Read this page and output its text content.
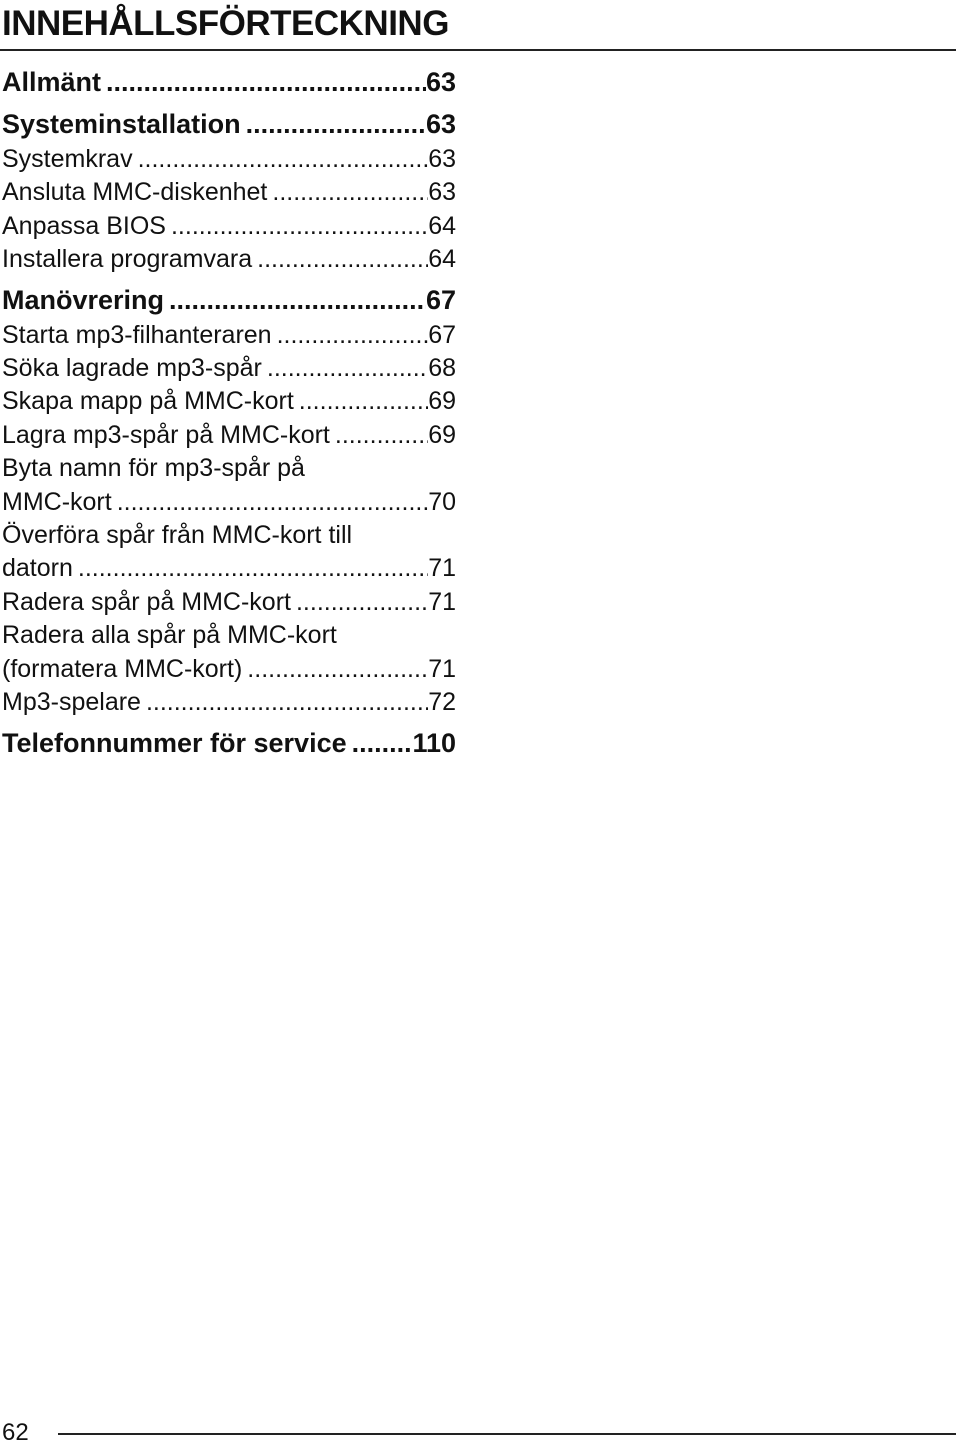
INNEHÅLLSFÖRTECKNING
Allmänt .....	63
Systeminstallation .....	63
Systemkrav .....	63
Ansluta MMC-diskenhet .....	63
Anpassa BIOS .....	64
Installera programvara .....	64
Manövrering .....	67
Starta mp3-filhanteraren .....	67
Söka lagrade mp3-spår .....	68
Skapa mapp på MMC-kort .....	69
Lagra mp3-spår på MMC-kort .....	69
Byta namn för mp3-spår på
MMC-kort .....	70
Överföra spår från MMC-kort till
datorn .....	71
Radera spår på MMC-kort .....	71
Radera alla spår på MMC-kort
(formatera MMC-kort) .....	71
Mp3-spelare .....	72
Telefonnummer för service ..... 110
62
